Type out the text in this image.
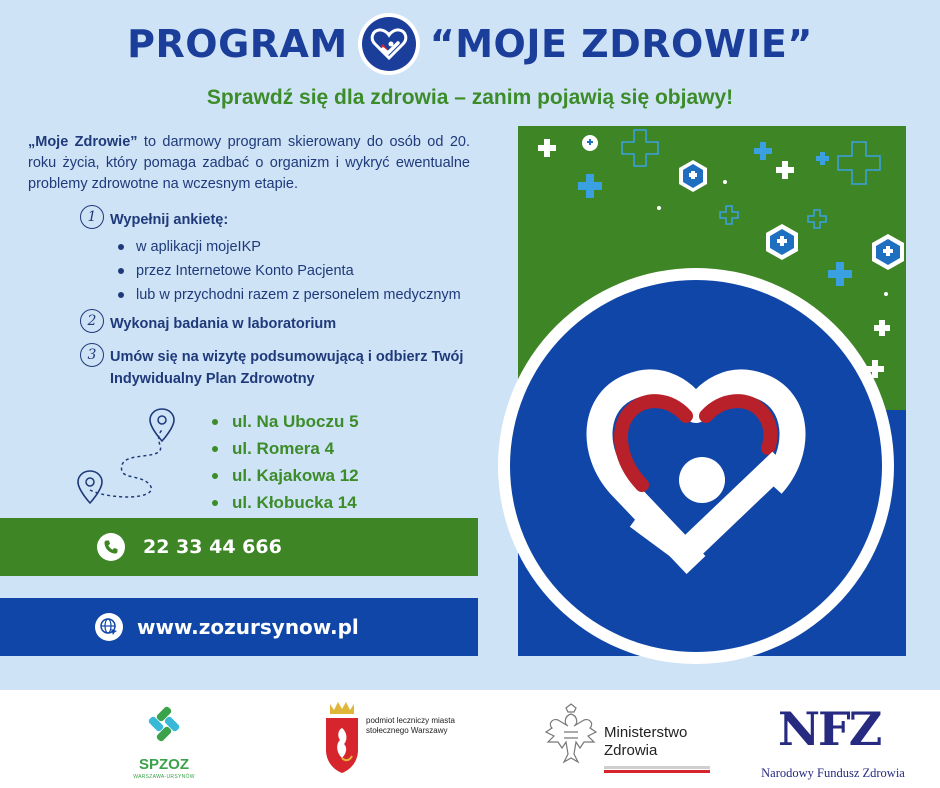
PROGRAM “MOJE ZDROWIE”
Sprawdź się dla zdrowia – zanim pojawią się objawy!

„Moje Zdrowie” to darmowy program skierowany do osób od 20. roku życia, który pomaga zadbać o organizm i wykryć ewentualne problemy zdrowotne na wczesnym etapie.

1 Wypełnij ankietę:
w aplikacji mojeIKP
przez Internetowe Konto Pacjenta
lub w przychodni razem z personelem medycznym
2 Wykonaj badania w laboratorium
3 Umów się na wizytę podsumowującą i odbierz Twój Indywidualny Plan Zdrowotny
ul. Na Uboczu 5
ul. Romera 4
ul. Kajakowa 12
ul. Kłobucka 14
22 33 44 666
www.zozursynow.pl
SPZOZ
WARSZAWA-URSYNÓW
podmiot leczniczy miasta stołecznego Warszawy	Ministerstwo
Zdrowia	NFZ
Narodowy Fundusz Zdrowia
